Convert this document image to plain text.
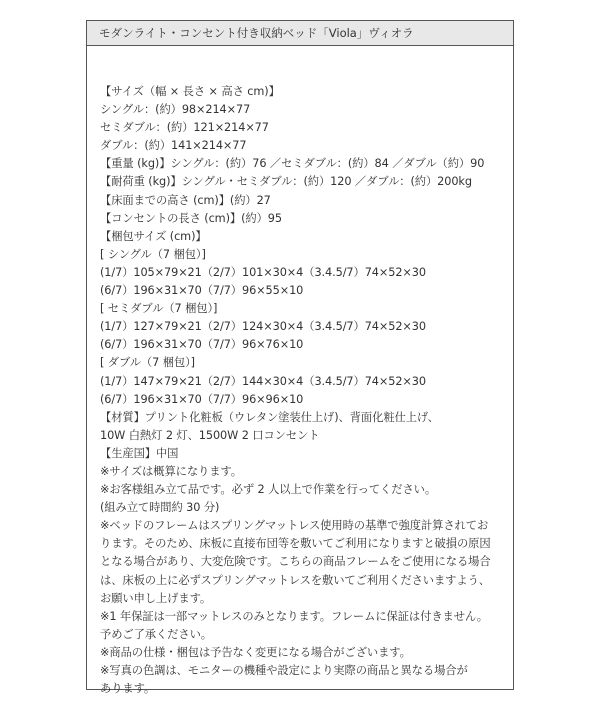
モダンライト・コンセント付き収納ベッド「Viola」ヴィオラ
【サイズ（幅 × 長さ × 高さ cm)】
シングル：(約）98×214×77
セミダブル：(約）121×214×77
ダブル：(約）141×214×77
【重量 (kg)】シングル：(約）76 ／セミダブル：(約）84 ／ダブル（約）90
【耐荷重 (kg)】シングル・セミダブル：(約）120 ／ダブル：(約）200kg
【床面までの高さ (cm)】(約）27
【コンセントの長さ (cm)】(約）95
【梱包サイズ (cm)】
[ シングル（7 梱包）]
(1/7）105×79×21（2/7）101×30×4（3.4.5/7）74×52×30
(6/7）196×31×70（7/7）96×55×10
[ セミダブル（7 梱包）]
(1/7）127×79×21（2/7）124×30×4（3.4.5/7）74×52×30
(6/7）196×31×70（7/7）96×76×10
[ ダブル（7 梱包）]
(1/7）147×79×21（2/7）144×30×4（3.4.5/7）74×52×30
(6/7）196×31×70（7/7）96×96×10
【材質】プリント化粧板（ウレタン塗装仕上げ)、背面化粧仕上げ、
10W 白熱灯 2 灯、1500W 2 口コンセント
【生産国】中国
※サイズは概算になります。
※お客様組み立て品です。必ず 2 人以上で作業を行ってください。
(組み立て時間約 30 分)
※ベッドのフレームはスプリングマットレス使用時の基準で強度計算されてお
ります。そのため、床板に直接布団等を敷いてご利用になりますと破損の原因
となる場合があり、大変危険です。こちらの商品フレームをご使用になる場合
は、床板の上に必ずスプリングマットレスを敷いてご利用くださいますよう、
お願い申し上げます。
※1 年保証は一部マットレスのみとなります。フレームに保証は付きません。
予めご了承ください。
※商品の仕様・梱包は予告なく変更になる場合がございます。
※写真の色調は、モニターの機種や設定により実際の商品と異なる場合が
あります。
